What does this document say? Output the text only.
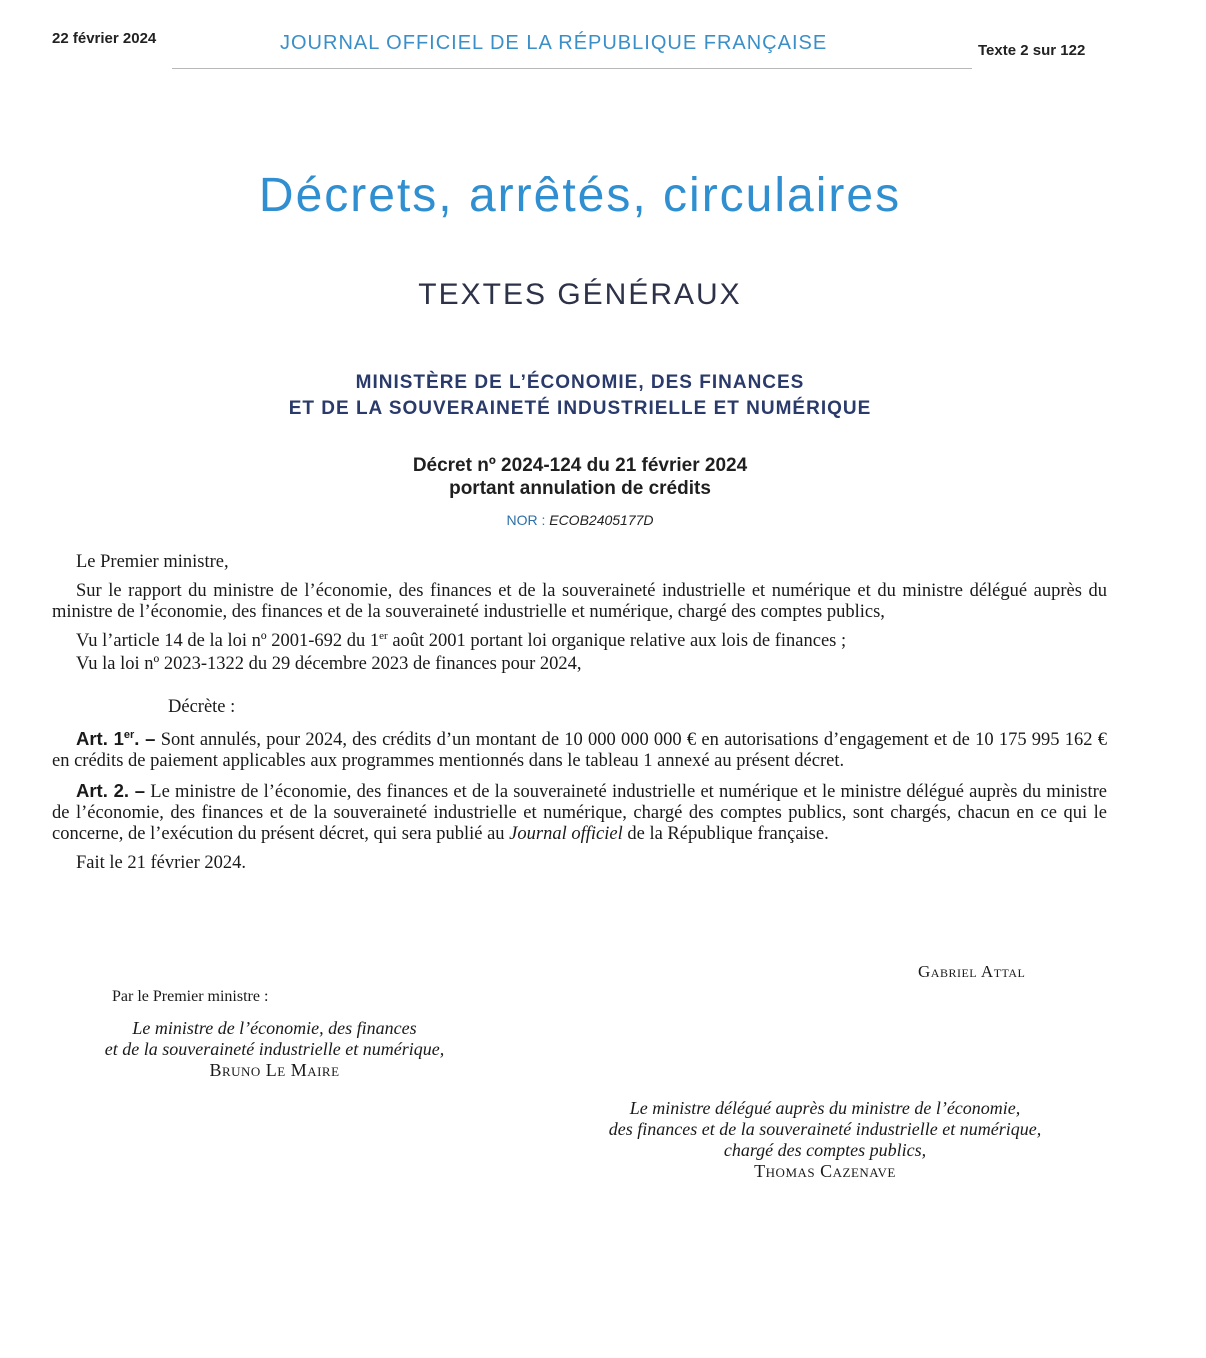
22 février 2024	JOURNAL OFFICIEL DE LA RÉPUBLIQUE FRANÇAISE	Texte 2 sur 122
Décrets, arrêtés, circulaires
TEXTES GÉNÉRAUX
MINISTÈRE DE L’ÉCONOMIE, DES FINANCES
ET DE LA SOUVERAINETÉ INDUSTRIELLE ET NUMÉRIQUE
Décret nº 2024-124 du 21 février 2024
portant annulation de crédits
NOR : ECOB2405177D

Le Premier ministre,

Sur le rapport du ministre de l’économie, des finances et de la souveraineté industrielle et numérique et du ministre délégué auprès du ministre de l’économie, des finances et de la souveraineté industrielle et numérique, chargé des comptes publics,

Vu l’article 14 de la loi nº 2001-692 du 1er août 2001 portant loi organique relative aux lois de finances ;

Vu la loi nº 2023-1322 du 29 décembre 2023 de finances pour 2024,

Décrète :

Art. 1er. – Sont annulés, pour 2024, des crédits d’un montant de 10 000 000 000 € en autorisations d’engagement et de 10 175 995 162 € en crédits de paiement applicables aux programmes mentionnés dans le tableau 1 annexé au présent décret.

Art. 2. – Le ministre de l’économie, des finances et de la souveraineté industrielle et numérique et le ministre délégué auprès du ministre de l’économie, des finances et de la souveraineté industrielle et numérique, chargé des comptes publics, sont chargés, chacun en ce qui le concerne, de l’exécution du présent décret, qui sera publié au Journal officiel de la République française.

Fait le 21 février 2024.

Gabriel Attal
Par le Premier ministre :
Le ministre de l’économie, des finances
et de la souveraineté industrielle et numérique,
Bruno Le Maire
Le ministre délégué auprès du ministre de l’économie,
des finances et de la souveraineté industrielle et numérique,
chargé des comptes publics,
Thomas Cazenave
